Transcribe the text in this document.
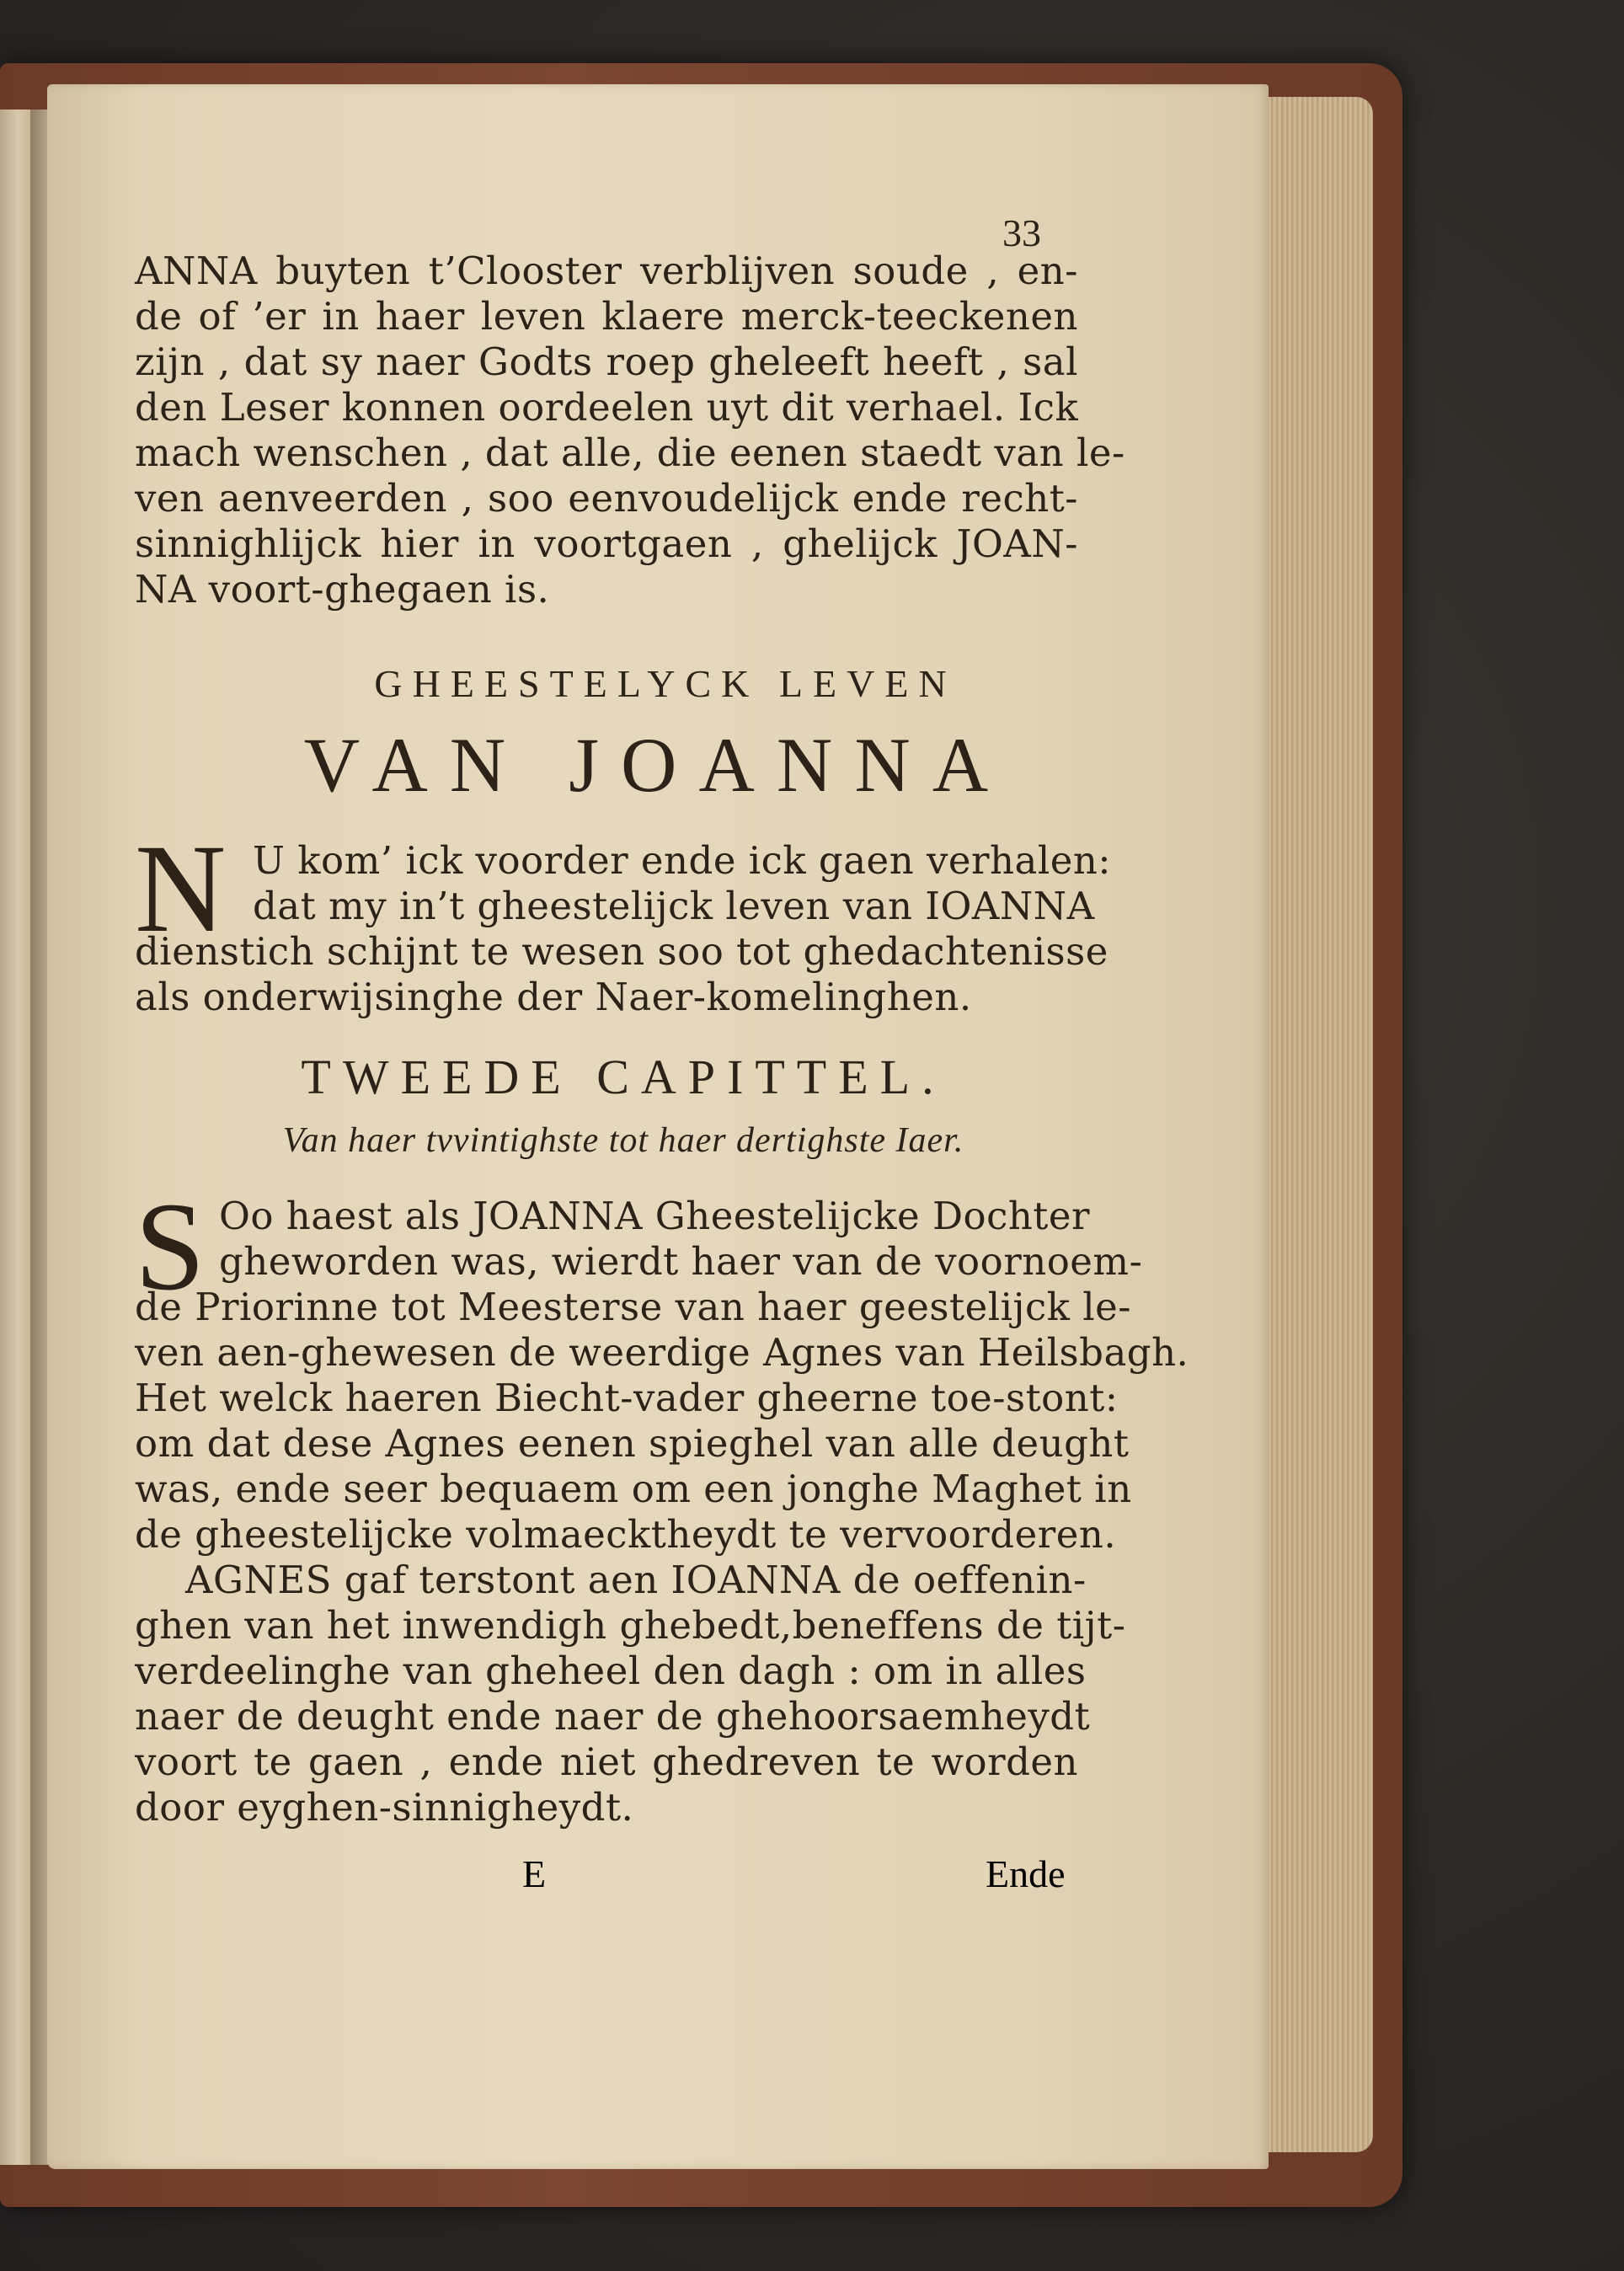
33
ANNA buyten t’Clooster verblijven soude , en-
de of ’er in haer leven klaere merck-teeckenen
zijn , dat sy naer Godts roep gheleeft heeft , sal
den Leser konnen oordeelen uyt dit verhael. Ick
mach wenschen , dat alle, die eenen staedt van le-
ven aenveerden , soo eenvoudelijck ende recht-
sinnighlijck hier in voortgaen , ghelijck JOAN-
NA voort-ghegaen is.
GHEESTELYCK LEVEN
VAN JOANNA
N U kom’ ick voorder ende ick gaen verhalen:
dat my in’t gheestelijck leven van IOANNA
dienstich schijnt te wesen soo tot ghedachtenisse
als onderwijsinghe der Naer-komelinghen.
TWEEDE CAPITTEL.
Van haer tvvintighste tot haer dertighste Iaer.
S Oo haest als JOANNA Gheestelijcke Dochter
gheworden was, wierdt haer van de voornoem-
de Priorinne tot Meesterse van haer geestelijck le-
ven aen-ghewesen de weerdige Agnes van Heilsbagh.
Het welck haeren Biecht-vader gheerne toe-stont:
om dat dese Agnes eenen spieghel van alle deught
was, ende seer bequaem om een jonghe Maghet in
de gheestelijcke volmaecktheydt te vervoorderen.
AGNES gaf terstont aen IOANNA de oeffenin-
ghen van het inwendigh ghebedt,beneffens de tijt-
verdeelinghe van gheheel den dagh : om in alles
naer de deught ende naer de ghehoorsaemheydt
voort te gaen , ende niet ghedreven te worden
door eyghen-sinnigheydt.
E	Ende
